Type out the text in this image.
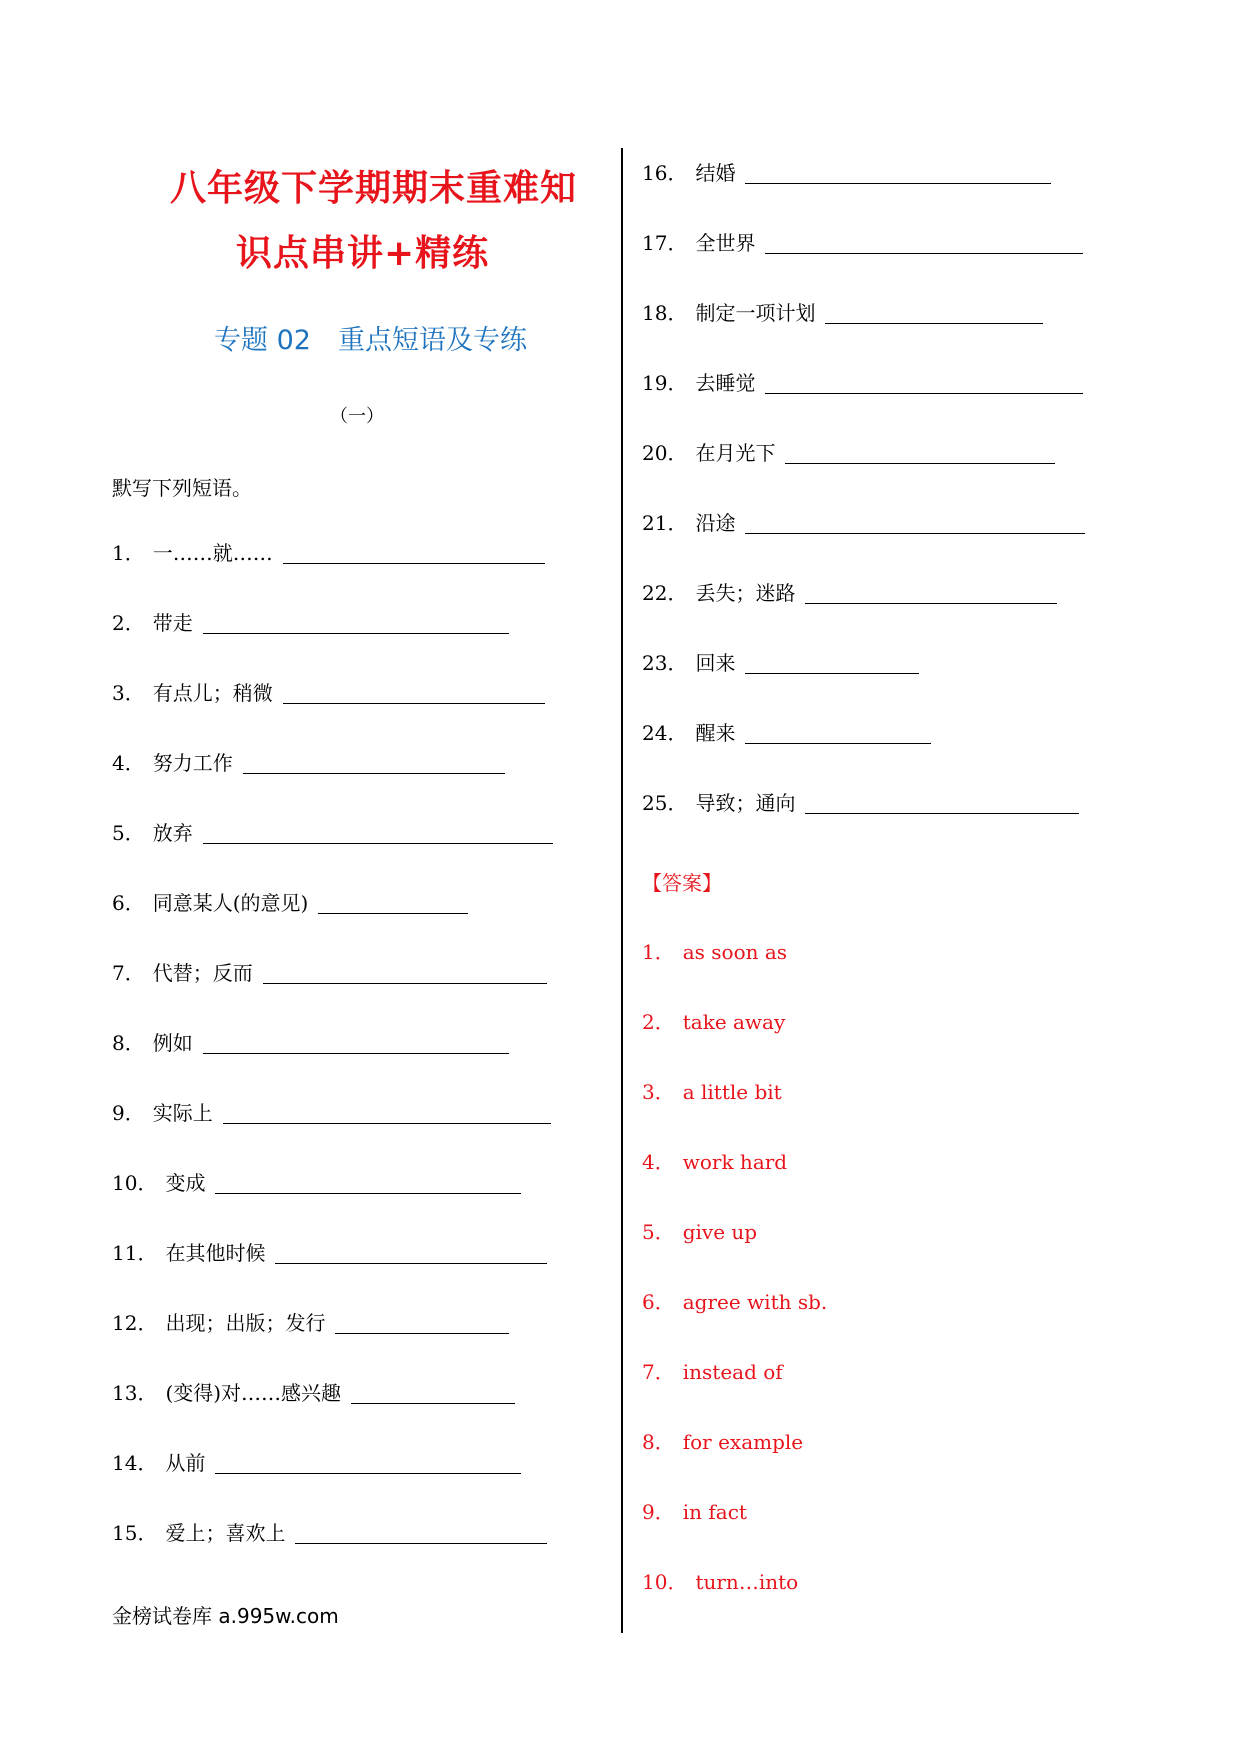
八年级下学期期末重难知
识点串讲+精练
专题 02　重点短语及专练
（一）
默写下列短语。
1． 一……就……
2． 带走
3． 有点儿；稍微
4． 努力工作
5． 放弃
6． 同意某人(的意见)
7． 代替；反而
8． 例如
9． 实际上
10． 变成
11． 在其他时候
12． 出现；出版；发行
13． (变得)对……感兴趣
14． 从前
15． 爱上；喜欢上
16． 结婚
17． 全世界
18． 制定一项计划
19． 去睡觉
20． 在月光下
21． 沿途
22． 丢失；迷路
23． 回来
24． 醒来
25． 导致；通向
【答案】
1． as soon as
2． take away
3． a little bit
4． work hard
5． give up
6． agree with sb.
7． instead of
8． for example
9． in fact
10． turn…into
金榜试卷库 a.995w.com
